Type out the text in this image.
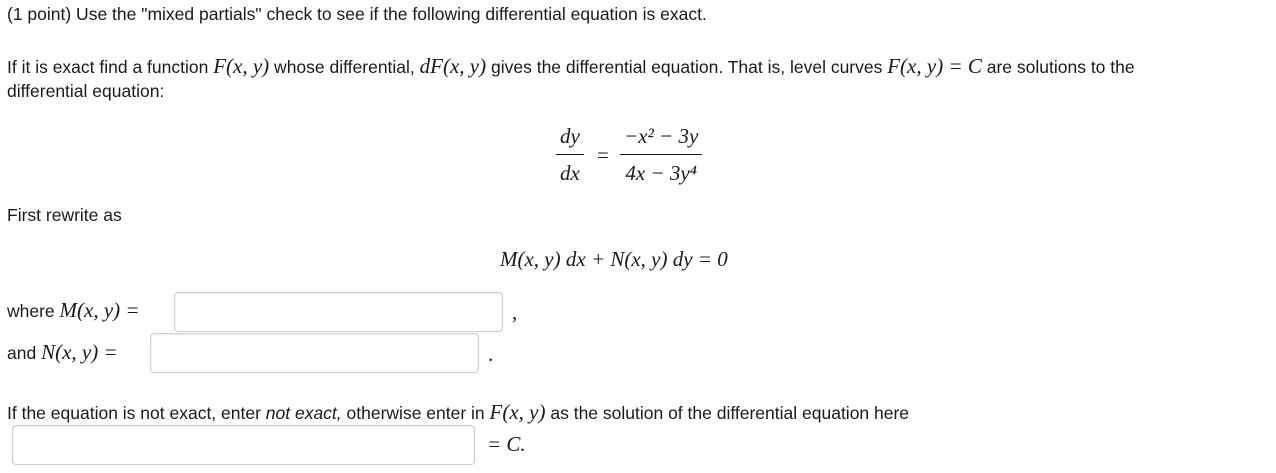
(1 point) Use the "mixed partials" check to see if the following differential equation is exact.
If it is exact find a function F(x, y) whose differential, dF(x, y) gives the differential equation. That is, level curves F(x, y) = C are solutions to the
differential equation:
dy
dx
=
−x² − 3y
4x − 3y⁴
First rewrite as
M(x, y) dx + N(x, y) dy = 0
where M(x, y) =	,
and N(x, y) =	.
If the equation is not exact, enter not exact, otherwise enter in F(x, y) as the solution of the differential equation here
= C.
